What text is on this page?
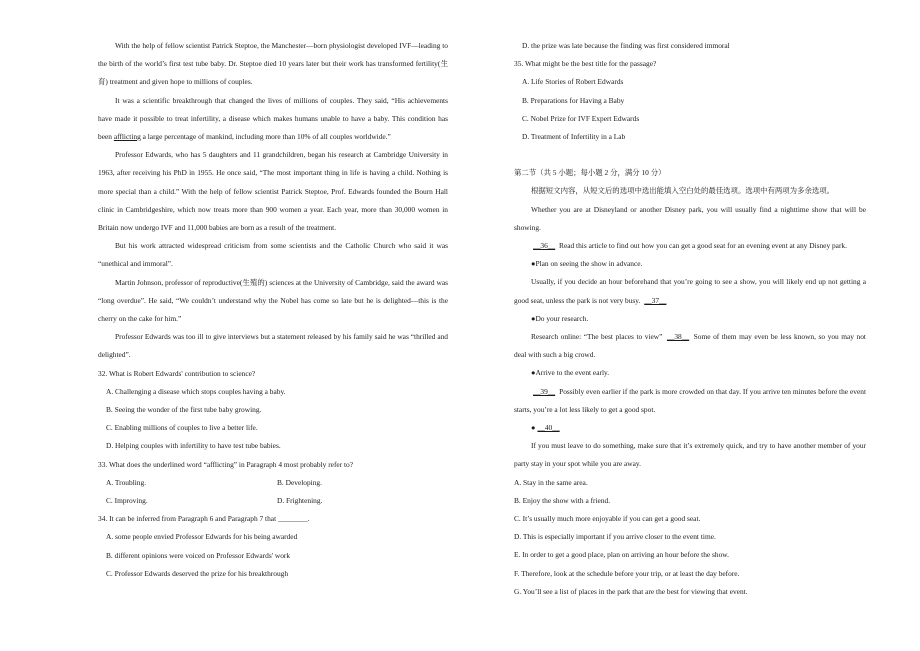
With the help of fellow scientist Patrick Steptoe, the Manchester—born physiologist developed IVF—leading to the birth of the world’s first test tube baby. Dr. Steptoe died 10 years later but their work has transformed fertility(生育) treatment and given hope to millions of couples.
It was a scientific breakthrough that changed the lives of millions of couples. They said, “His achievements have made it possible to treat infertility, a disease which makes humans unable to have a baby. This condition has been afflicting a large percentage of mankind, including more than 10% of all couples worldwide.”
Professor Edwards, who has 5 daughters and 11 grandchildren, began his research at Cambridge University in 1963, after receiving his PhD in 1955. He once said, “The most important thing in life is having a child. Nothing is more special than a child.” With the help of fellow scientist Patrick Steptoe, Prof. Edwards founded the Bourn Hall clinic in Cambridgeshire, which now treats more than 900 women a year. Each year, more than 30,000 women in Britain now undergo IVF and 11,000 babies are born as a result of the treatment.
But his work attracted widespread criticism from some scientists and the Catholic Church who said it was “unethical and immoral”.
Martin Johnson, professor of reproductive(生殖的) sciences at the University of Cambridge, said the award was “long overdue”. He said, “We couldn’t understand why the Nobel has come so late but he is delighted—this is the cherry on the cake for him.”
Professor Edwards was too ill to give interviews but a statement released by his family said he was “thrilled and delighted”.
32. What is Robert Edwards' contribution to science?
A. Challenging a disease which stops couples having a baby.
B. Seeing the wonder of the first tube baby growing.
C. Enabling millions of couples to live a better life.
D. Helping couples with infertility to have test tube babies.
33. What does the underlined word “afflicting” in Paragraph 4 most probably refer to?
A. Troubling.	B. Developing.
C. Improving.	D. Frightening.
34. It can be inferred from Paragraph 6 and Paragraph 7 that ________.
A. some people envied Professor Edwards for his being awarded
B. different opinions were voiced on Professor Edwards' work
C. Professor Edwards deserved the prize for his breakthrough
D. the prize was late because the finding was first considered immoral
35. What might be the best title for the passage?
A. Life Stories of Robert Edwards
B. Preparations for Having a Baby
C. Nobel Prize for IVF Expert Edwards
D. Treatment of Infertility in a Lab
第二节（共 5 小题；每小题 2 分，满分 10 分）
根据短文内容，从短文后的选项中选出能填入空白处的最佳选项。选项中有两项为多余选项。
Whether you are at Disneyland or another Disney park, you will usually find a nighttime show that will be showing.
__36__ Read this article to find out how you can get a good seat for an evening event at any Disney park.
●Plan on seeing the show in advance.
Usually, if you decide an hour beforehand that you’re going to see a show, you will likely end up not getting a good seat, unless the park is not very busy. __37__
●Do your research.
Research online: “The best places to view” __38__ Some of them may even be less known, so you may not deal with such a big crowd.
●Arrive to the event early.
__39__ Possibly even earlier if the park is more crowded on that day. If you arrive ten minutes before the event starts, you’re a lot less likely to get a good spot.
● __40__
If you must leave to do something, make sure that it’s extremely quick, and try to have another member of your party stay in your spot while you are away.
A. Stay in the same area.
B. Enjoy the show with a friend.
C. It’s usually much more enjoyable if you can get a good seat.
D. This is especially important if you arrive closer to the event time.
E. In order to get a good place, plan on arriving an hour before the show.
F. Therefore, look at the schedule before your trip, or at least the day before.
G. You’ll see a list of places in the park that are the best for viewing that event.
